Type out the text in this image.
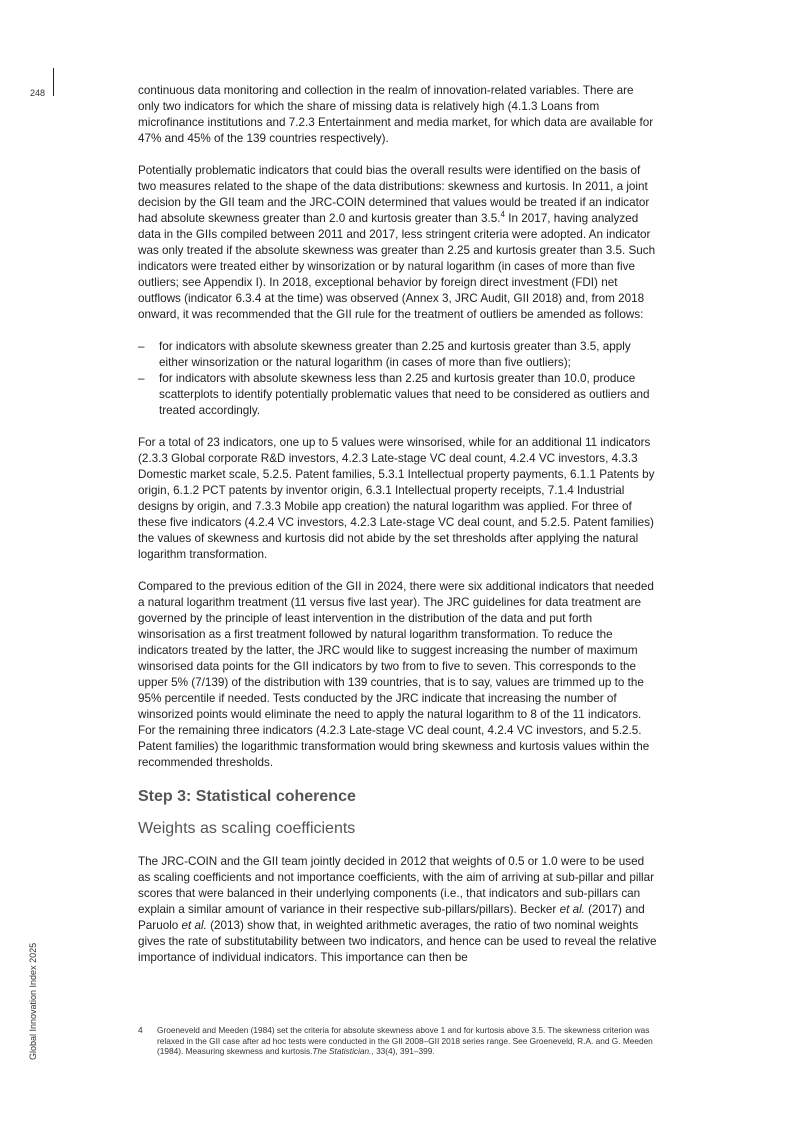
248
Global Innovation Index 2025

continuous data monitoring and collection in the realm of innovation-related variables. There are only two indicators for which the share of missing data is relatively high (4.1.3 Loans from microfinance institutions and 7.2.3 Entertainment and media market, for which data are available for 47% and 45% of the 139 countries respectively).

Potentially problematic indicators that could bias the overall results were identified on the basis of two measures related to the shape of the data distributions: skewness and kurtosis. In 2011, a joint decision by the GII team and the JRC-COIN determined that values would be treated if an indicator had absolute skewness greater than 2.0 and kurtosis greater than 3.5.$^4$ In 2017, having analyzed data in the GIIs compiled between 2011 and 2017, less stringent criteria were adopted. An indicator was only treated if the absolute skewness was greater than 2.25 and kurtosis greater than 3.5. Such indicators were treated either by winsorization or by natural logarithm (in cases of more than five outliers; see Appendix I). In 2018, exceptional behavior by foreign direct investment (FDI) net outflows (indicator 6.3.4 at the time) was observed (Annex 3, JRC Audit, GII 2018) and, from 2018 onward, it was recommended that the GII rule for the treatment of outliers be amended as follows:

– for indicators with absolute skewness greater than 2.25 and kurtosis greater than 3.5, apply either winsorization or the natural logarithm (in cases of more than five outliers);
– for indicators with absolute skewness less than 2.25 and kurtosis greater than 10.0, produce scatterplots to identify potentially problematic values that need to be considered as outliers and treated accordingly.

For a total of 23 indicators, one up to 5 values were winsorised, while for an additional 11 indicators (2.3.3 Global corporate R&D investors, 4.2.3 Late-stage VC deal count, 4.2.4 VC investors, 4.3.3 Domestic market scale, 5.2.5. Patent families, 5.3.1 Intellectual property payments, 6.1.1 Patents by origin, 6.1.2 PCT patents by inventor origin, 6.3.1 Intellectual property receipts, 7.1.4 Industrial designs by origin, and 7.3.3 Mobile app creation) the natural logarithm was applied. For three of these five indicators (4.2.4 VC investors, 4.2.3 Late-stage VC deal count, and 5.2.5. Patent families) the values of skewness and kurtosis did not abide by the set thresholds after applying the natural logarithm transformation.

Compared to the previous edition of the GII in 2024, there were six additional indicators that needed a natural logarithm treatment (11 versus five last year). The JRC guidelines for data treatment are governed by the principle of least intervention in the distribution of the data and put forth winsorisation as a first treatment followed by natural logarithm transformation. To reduce the indicators treated by the latter, the JRC would like to suggest increasing the number of maximum winsorised data points for the GII indicators by two from to five to seven. This corresponds to the upper 5% (7/139) of the distribution with 139 countries, that is to say, values are trimmed up to the 95% percentile if needed. Tests conducted by the JRC indicate that increasing the number of winsorized points would eliminate the need to apply the natural logarithm to 8 of the 11 indicators. For the remaining three indicators (4.2.3 Late-stage VC deal count, 4.2.4 VC investors, and 5.2.5. Patent families) the logarithmic transformation would bring skewness and kurtosis values within the recommended thresholds.

Step 3: Statistical coherence
Weights as scaling coefficients

The JRC-COIN and the GII team jointly decided in 2012 that weights of 0.5 or 1.0 were to be used as scaling coefficients and not importance coefficients, with the aim of arriving at sub-pillar and pillar scores that were balanced in their underlying components (i.e., that indicators and sub-pillars can explain a similar amount of variance in their respective sub-pillars/pillars). Becker et al. (2017) and Paruolo et al. (2013) show that, in weighted arithmetic averages, the ratio of two nominal weights gives the rate of substitutability between two indicators, and hence can be used to reveal the relative importance of individual indicators. This importance can then be

4 Groeneveld and Meeden (1984) set the criteria for absolute skewness above 1 and for kurtosis above 3.5. The skewness criterion was relaxed in the GII case after ad hoc tests were conducted in the GII 2008–GII 2018 series range. See Groeneveld, R.A. and G. Meeden (1984). Measuring skewness and kurtosis.The Statistician., 33(4), 391–399.
